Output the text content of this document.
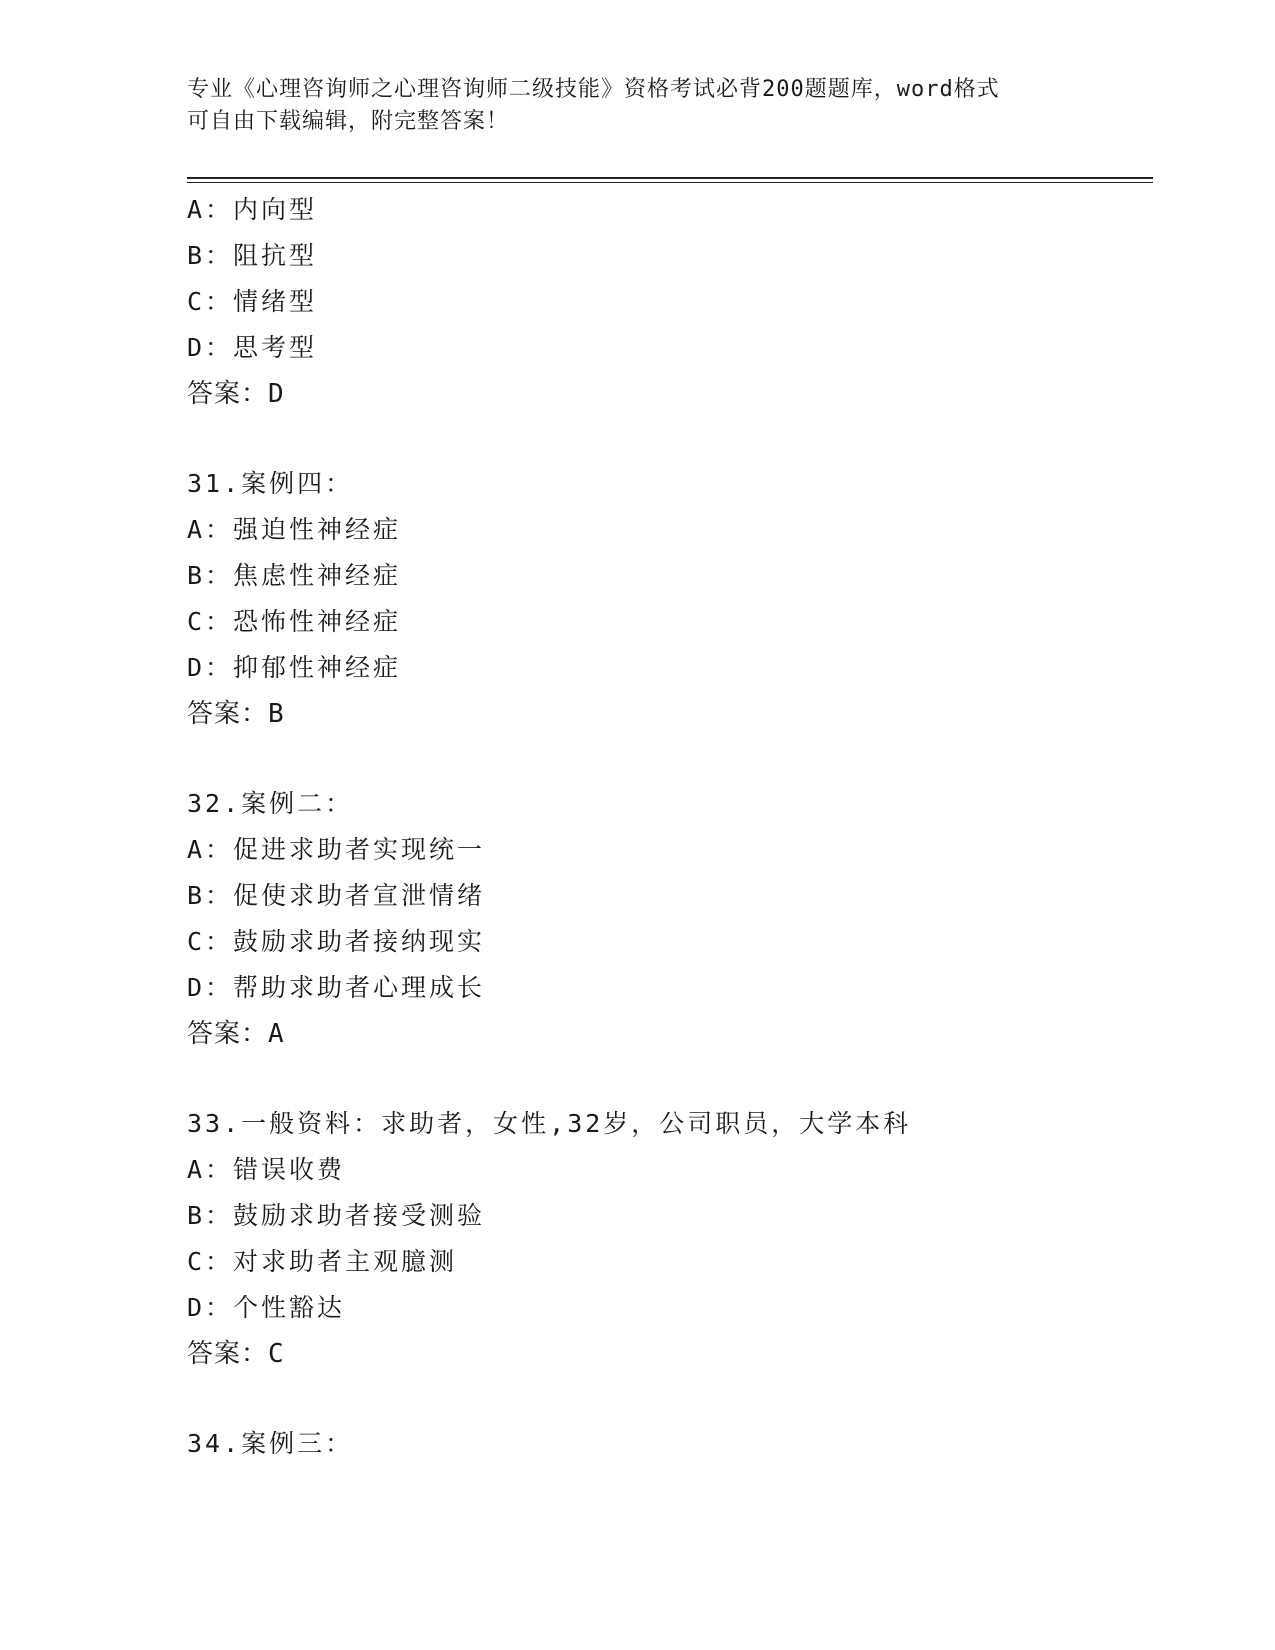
专业《心理咨询师之心理咨询师二级技能》资格考试必背200题题库，word格式
可自由下载编辑，附完整答案！
A：内向型
B：阻抗型
C：情绪型
D：思考型
答案：D
31.案例四：
A：强迫性神经症
B：焦虑性神经症
C：恐怖性神经症
D：抑郁性神经症
答案：B
32.案例二：
A：促进求助者实现统一
B：促使求助者宣泄情绪
C：鼓励求助者接纳现实
D：帮助求助者心理成长
答案：A
33.一般资料：求助者，女性,32岁，公司职员，大学本科
A：错误收费
B：鼓励求助者接受测验
C：对求助者主观臆测
D：个性豁达
答案：C
34.案例三：
